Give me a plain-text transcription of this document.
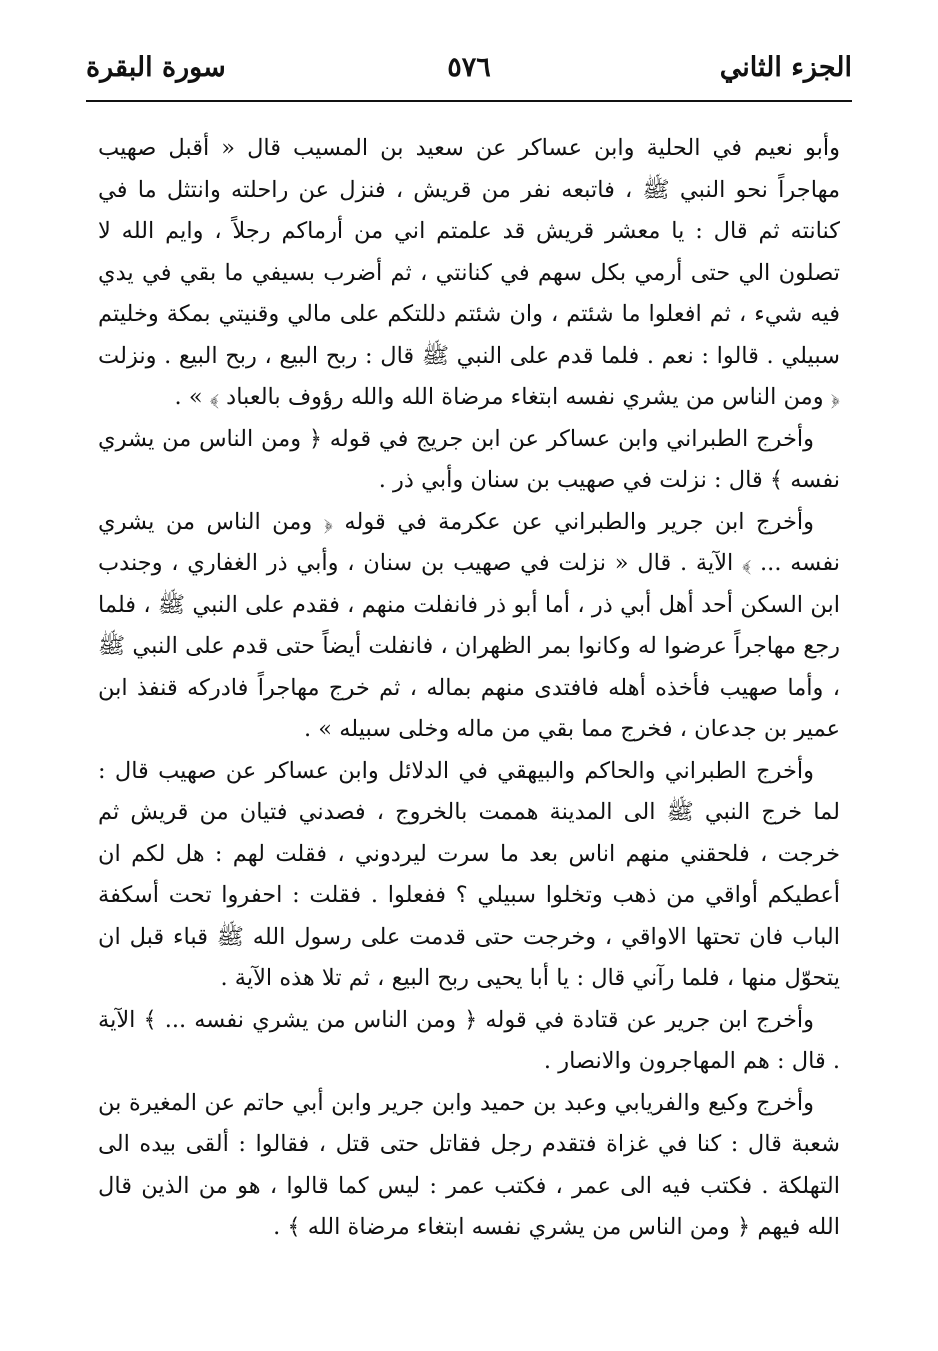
الجزء الثاني
٥٧٦
سورة البقرة

وأبو نعيم في الحلية وابن عساكر عن سعيد بن المسيب قال « أقبل صهيب مهاجراً نحو النبي ﷺ ، فاتبعه نفر من قريش ، فنزل عن راحلته وانتثل ما في كنانته ثم قال : يا معشر قريش قد علمتم اني من أرماكم رجلاً ، وايم الله لا تصلون الي حتى أرمي بكل سهم في كنانتي ، ثم أضرب بسيفي ما بقي في يدي فيه شيء ، ثم افعلوا ما شئتم ، وان شئتم دللتكم على مالي وقنيتي بمكة وخليتم سبيلي . قالوا : نعم . فلما قدم على النبي ﷺ قال : ربح البيع ، ربح البيع . ونزلت ﴿ ومن الناس من يشري نفسه ابتغاء مرضاة الله والله رؤوف بالعباد ﴾ » .

وأخرج الطبراني وابن عساكر عن ابن جريج في قوله ﴿ ومن الناس من يشري نفسه ﴾ قال : نزلت في صهيب بن سنان وأبي ذر .

وأخرج ابن جرير والطبراني عن عكرمة في قوله ﴿ ومن الناس من يشري نفسه ... ﴾ الآية . قال « نزلت في صهيب بن سنان ، وأبي ذر الغفاري ، وجندب ابن السكن أحد أهل أبي ذر ، أما أبو ذر فانفلت منهم ، فقدم على النبي ﷺ ، فلما رجع مهاجراً عرضوا له وكانوا بمر الظهران ، فانفلت أيضاً حتى قدم على النبي ﷺ ، وأما صهيب فأخذه أهله فافتدى منهم بماله ، ثم خرج مهاجراً فادركه قنفذ ابن عمير بن جدعان ، فخرج مما بقي من ماله وخلى سبيله » .

وأخرج الطبراني والحاكم والبيهقي في الدلائل وابن عساكر عن صهيب قال : لما خرج النبي ﷺ الى المدينة هممت بالخروج ، فصدني فتيان من قريش ثم خرجت ، فلحقني منهم اناس بعد ما سرت ليردوني ، فقلت لهم : هل لكم ان أعطيكم أواقي من ذهب وتخلوا سبيلي ؟ ففعلوا . فقلت : احفروا تحت أسكفة الباب فان تحتها الاواقي ، وخرجت حتى قدمت على رسول الله ﷺ قباء قبل ان يتحوّل منها ، فلما رآني قال : يا أبا يحيى ربح البيع ، ثم تلا هذه الآية .

وأخرج ابن جرير عن قتادة في قوله ﴿ ومن الناس من يشري نفسه ... ﴾ الآية . قال : هم المهاجرون والانصار .

وأخرج وكيع والفريابي وعبد بن حميد وابن جرير وابن أبي حاتم عن المغيرة بن شعبة قال : كنا في غزاة فتقدم رجل فقاتل حتى قتل ، فقالوا : ألقى بيده الى التهلكة . فكتب فيه الى عمر ، فكتب عمر : ليس كما قالوا ، هو من الذين قال الله فيهم ﴿ ومن الناس من يشري نفسه ابتغاء مرضاة الله ﴾ .
